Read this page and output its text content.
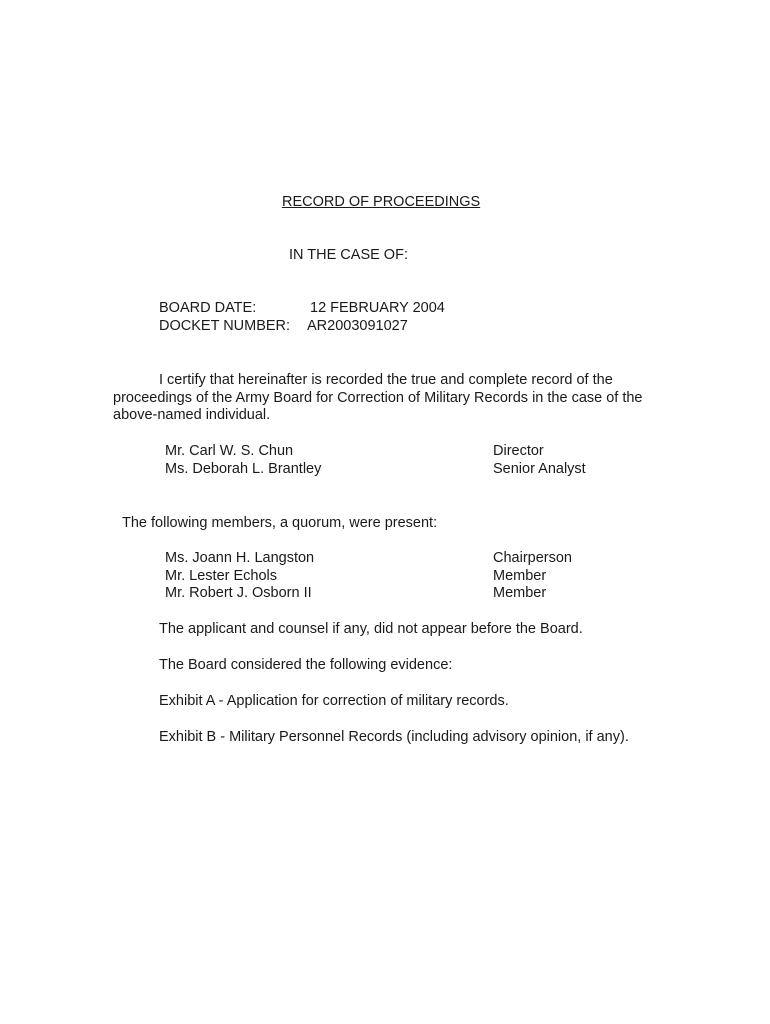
RECORD OF PROCEEDINGS
IN THE CASE OF:
BOARD DATE:	12 FEBRUARY 2004
DOCKET NUMBER: AR2003091027
I certify that hereinafter is recorded the true and complete record of the proceedings of the Army Board for Correction of Military Records in the case of the above-named individual.
Mr. Carl W. S. Chun	Director
Ms. Deborah L. Brantley	Senior Analyst
The following members, a quorum, were present:
Ms. Joann H. Langston	Chairperson
Mr. Lester Echols	Member
Mr. Robert J. Osborn II	Member
The applicant and counsel if any, did not appear before the Board.
The Board considered the following evidence:
Exhibit A - Application for correction of military records.
Exhibit B - Military Personnel Records (including advisory opinion, if any).
